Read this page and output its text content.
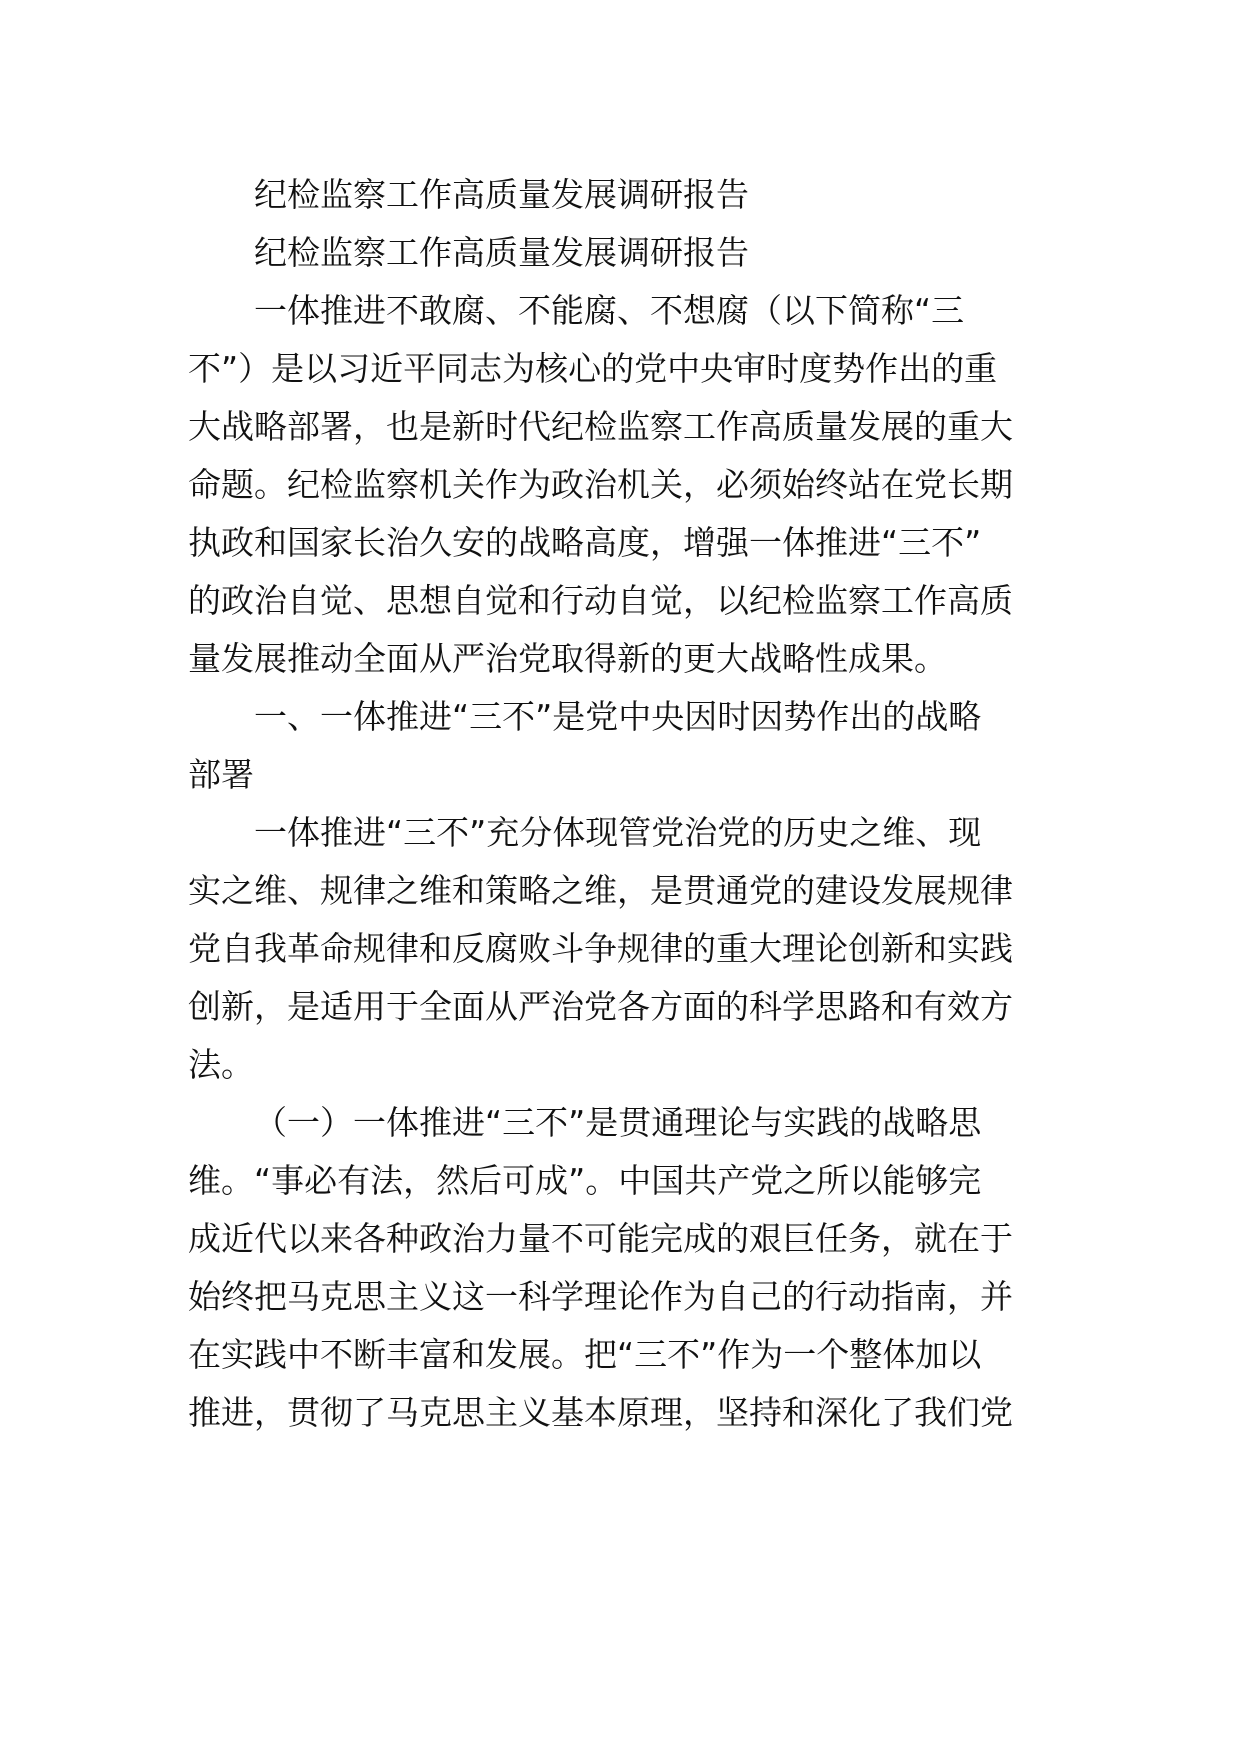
纪检监察工作高质量发展调研报告

纪检监察工作高质量发展调研报告

一体推进不敢腐、不能腐、不想腐（以下简称“三

不”）是以习近平同志为核心的党中央审时度势作出的重

大战略部署，也是新时代纪检监察工作高质量发展的重大

命题。纪检监察机关作为政治机关，必须始终站在党长期

执政和国家长治久安的战略高度，增强一体推进“三不”

的政治自觉、思想自觉和行动自觉，以纪检监察工作高质

量发展推动全面从严治党取得新的更大战略性成果。

一、一体推进“三不”是党中央因时因势作出的战略

部署

一体推进“三不”充分体现管党治党的历史之维、现

实之维、规律之维和策略之维，是贯通党的建设发展规律

党自我革命规律和反腐败斗争规律的重大理论创新和实践

创新，是适用于全面从严治党各方面的科学思路和有效方

法。

（一）一体推进“三不”是贯通理论与实践的战略思

维。“事必有法，然后可成”。中国共产党之所以能够完

成近代以来各种政治力量不可能完成的艰巨任务，就在于

始终把马克思主义这一科学理论作为自己的行动指南，并

在实践中不断丰富和发展。把“三不”作为一个整体加以

推进，贯彻了马克思主义基本原理，坚持和深化了我们党
